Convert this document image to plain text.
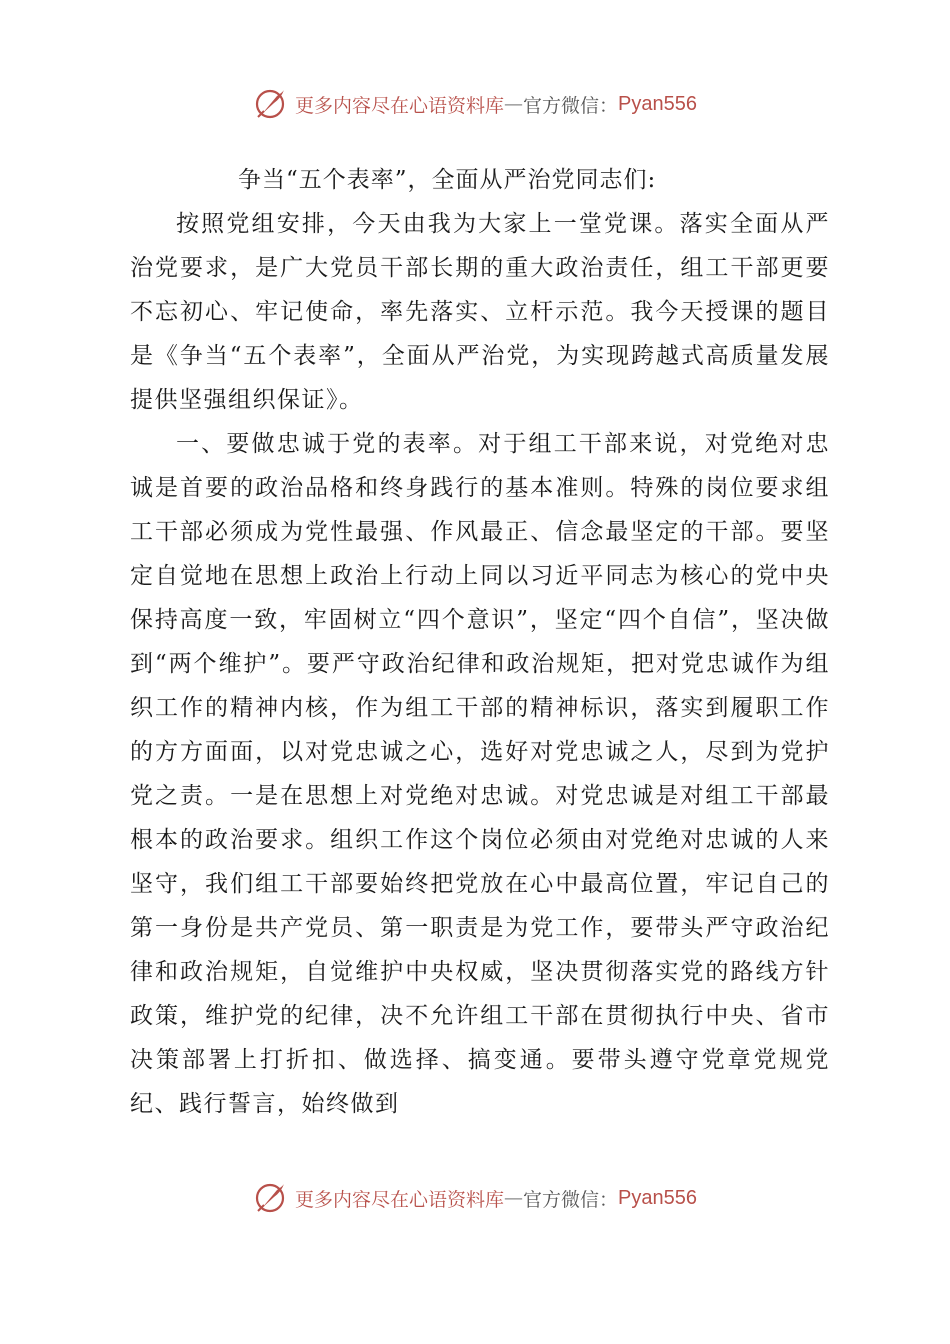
更多内容尽在心语资料库 — 官方微信： Pyan556
争当“五个表率”，全面从严治党同志们:

按照党组安排，今天由我为大家上一堂党课。落实全面从严治党要求，是广大党员干部长期的重大政治责任，组工干部更要不忘初心、牢记使命，率先落实、立杆示范。我今天授课的题目是《争当“五个表率”，全面从严治党，为实现跨越式高质量发展提供坚强组织保证》。

一、要做忠诚于党的表率。对于组工干部来说，对党绝对忠诚是首要的政治品格和终身践行的基本准则。特殊的岗位要求组工干部必须成为党性最强、作风最正、信念最坚定的干部。要坚定自觉地在思想上政治上行动上同以习近平同志为核心的党中央保持高度一致，牢固树立“四个意识”，坚定“四个自信”，坚决做到“两个维护”。要严守政治纪律和政治规矩，把对党忠诚作为组织工作的精神内核，作为组工干部的精神标识，落实到履职工作的方方面面，以对党忠诚之心，选好对党忠诚之人，尽到为党护党之责。一是在思想上对党绝对忠诚。对党忠诚是对组工干部最根本的政治要求。组织工作这个岗位必须由对党绝对忠诚的人来坚守，我们组工干部要始终把党放在心中最高位置，牢记自己的第一身份是共产党员、第一职责是为党工作，要带头严守政治纪律和政治规矩，自觉维护中央权威，坚决贯彻落实党的路线方针政策，维护党的纪律，决不允许组工干部在贯彻执行中央、省市决策部署上打折扣、做选择、搞变通。要带头遵守党章党规党纪、践行誓言，始终做到

更多内容尽在心语资料库 — 官方微信： Pyan556
